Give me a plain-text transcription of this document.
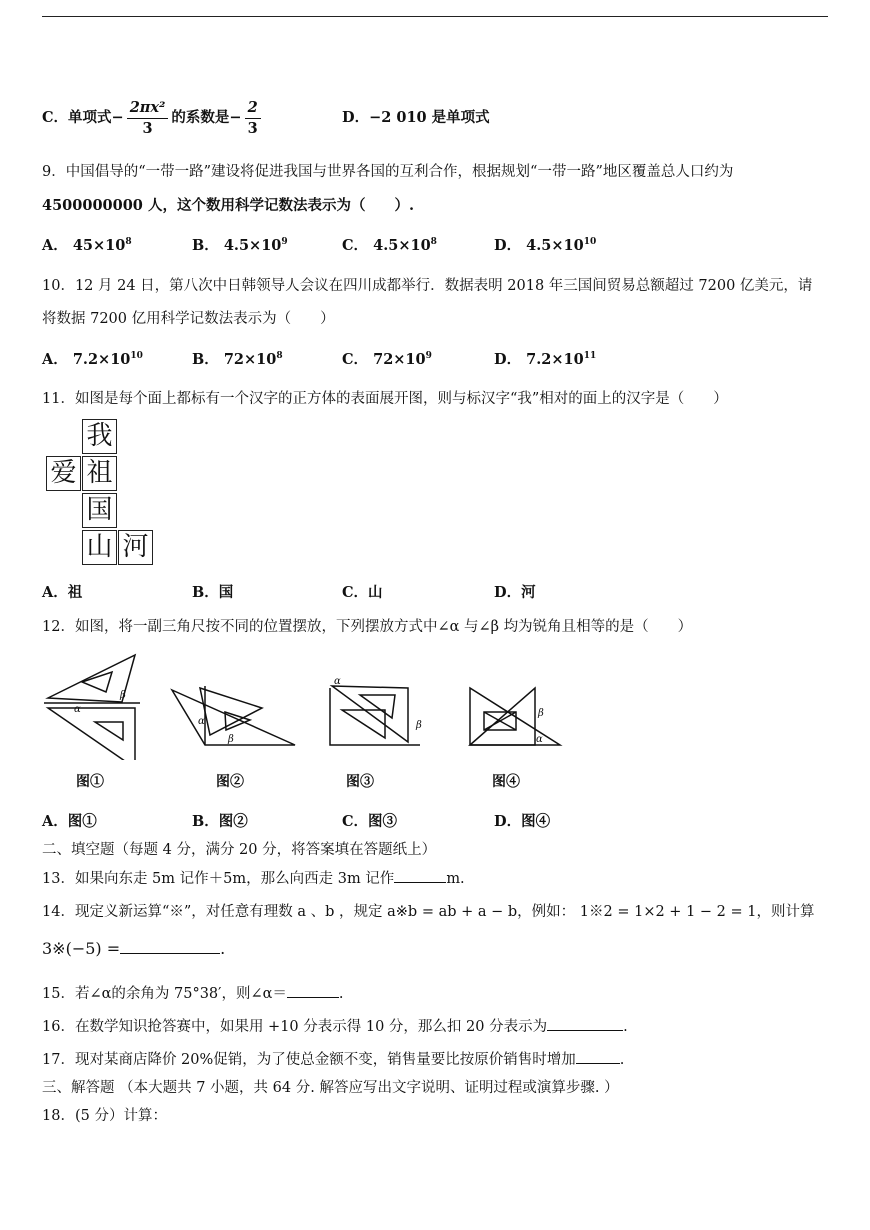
C．单项式− $\frac{\text{2πx²}}{3}$ 的系数是− $\frac{2}{3}$	D．−2 010 是单项式
9．中国倡导的“一带一路”建设将促进我国与世界各国的互利合作，根据规划“一带一路”地区覆盖总人口约为
4500000000 人，这个数用科学记数法表示为（　　）.
A． $45\times 10^8$	B． $4.5\times 10^9$	C． $4.5\times 10^8$	D． $4.5\times 10^{10}$
10．12 月 24 日，第八次中日韩领导人会议在四川成都举行．数据表明 2018 年三国间贸易总额超过 7200 亿美元，请
将数据 7200 亿用科学记数法表示为（　　）
A． $7.2\times 10^{10}$	B． $72\times 10^8$	C． $72\times 10^9$	D． $7.2\times 10^{11}$
11．如图是每个面上都标有一个汉字的正方体的表面展开图，则与标汉字“我”相对的面上的汉字是（　　）
我
爱 祖
国
山 河
A．祖	B．国	C．山	D．河
12．如图，将一副三角尺按不同的位置摆放，下列摆放方式中∠α 与∠β 均为锐角且相等的是（　　）
α
β
α
β
α
β
β
α
图①	图②	图③	图④
A．图①	B．图②	C．图③	D．图④
二、填空题（每题 4 分，满分 20 分，将答案填在答题纸上）
13．如果向东走 5m 记作＋5m，那么向西走 3m 记作	m.
14．现定义新运算“※”，对任意有理数 a 、b ，规定 a※b = ab + a − b，例如： 1※2 = 1×2 + 1 − 2 = 1，则计算
3※(−5) =	.
15．若∠α的余角为 75°38′，则∠α＝	.
16．在数学知识抢答赛中，如果用 +10 分表示得 10 分，那么扣 20 分表示为	.
17．现对某商店降价 20%促销，为了使总金额不变，销售量要比按原价销售时增加	.
三、解答题 （本大题共 7 小题，共 64 分. 解答应写出文字说明、证明过程或演算步骤. ）
18．(5 分）计算：
